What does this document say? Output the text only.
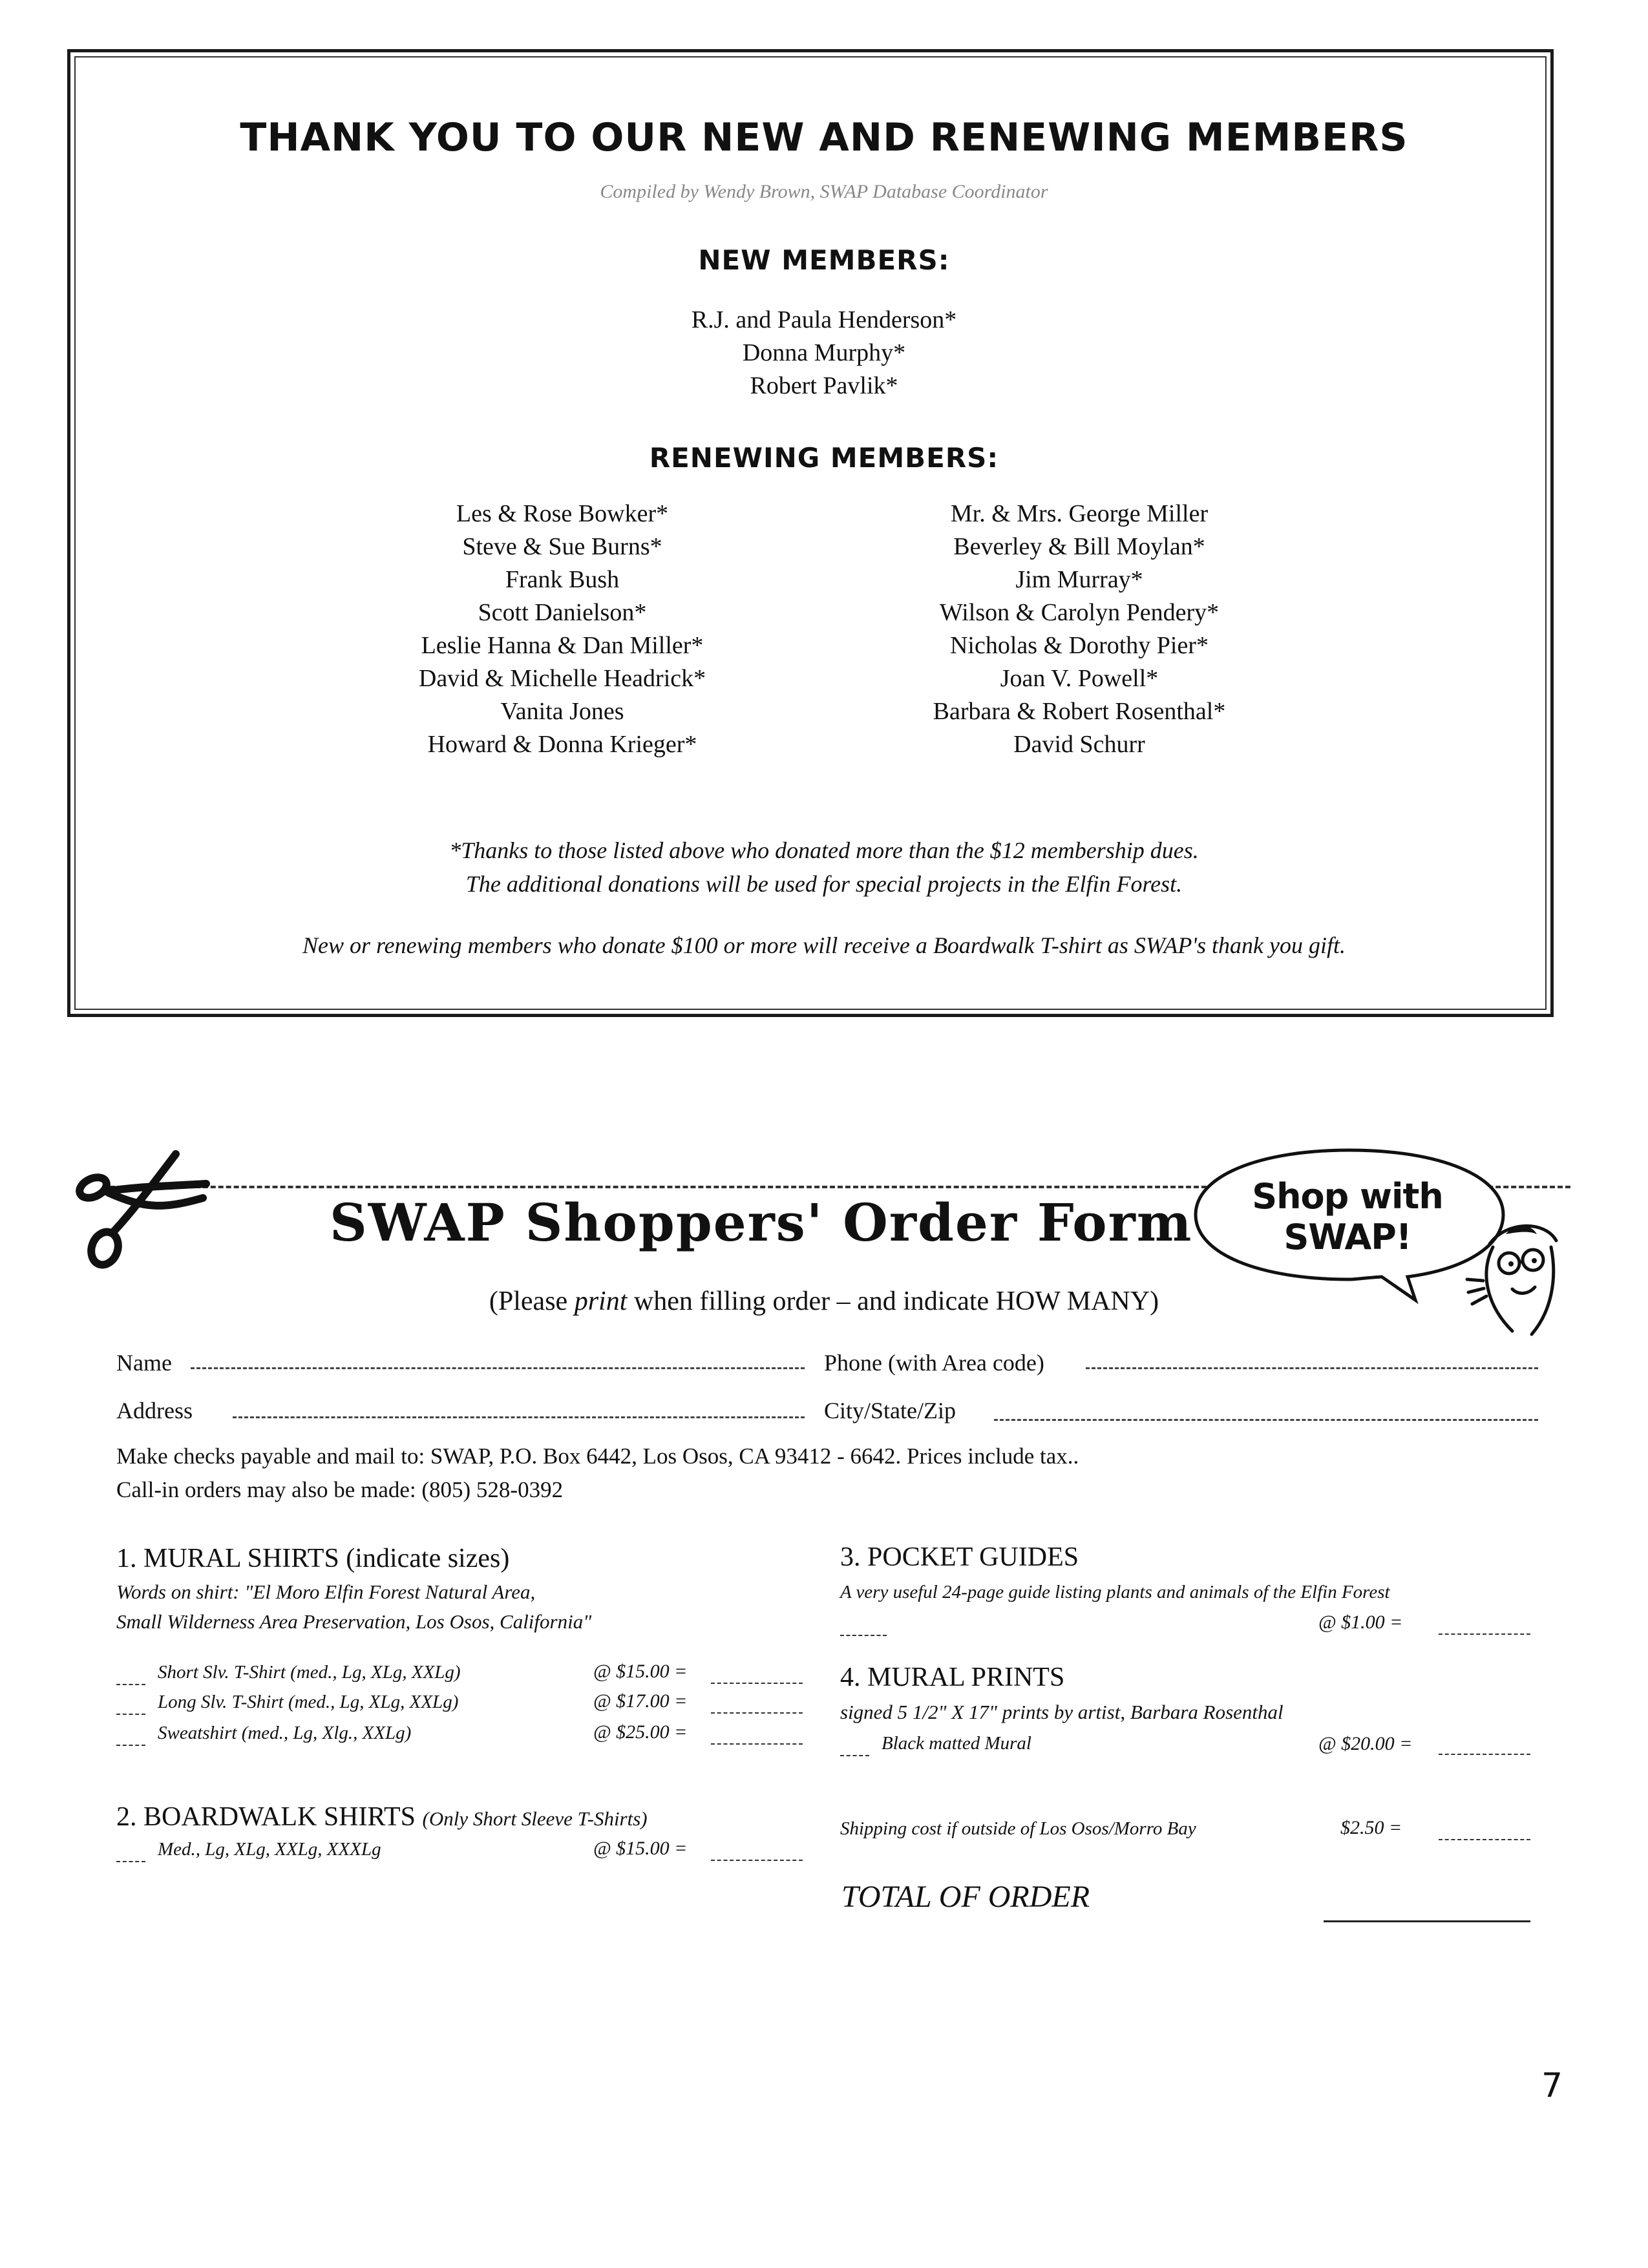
THANK YOU TO OUR NEW AND RENEWING MEMBERS
Compiled by Wendy Brown, SWAP Database Coordinator
NEW MEMBERS:
R.J. and Paula Henderson*
Donna Murphy*
Robert Pavlik*
RENEWING MEMBERS:
Les & Rose Bowker*
Steve & Sue Burns*
Frank Bush
Scott Danielson*
Leslie Hanna & Dan Miller*
David & Michelle Headrick*
Vanita Jones
Howard & Donna Krieger*
Mr. & Mrs. George Miller
Beverley & Bill Moylan*
Jim Murray*
Wilson & Carolyn Pendery*
Nicholas & Dorothy Pier*
Joan V. Powell*
Barbara & Robert Rosenthal*
David Schurr
*Thanks to those listed above who donated more than the $12 membership dues.
The additional donations will be used for special projects in the Elfin Forest.
New or renewing members who donate $100 or more will receive a Boardwalk T-shirt as SWAP's thank you gift.
SWAP Shoppers' Order Form	Shop with SWAP!
(Please print when filling order – and indicate HOW MANY)
Name	Phone (with Area code)
Address	City/State/Zip
Make checks payable and mail to: SWAP, P.O. Box 6442, Los Osos, CA 93412 - 6642. Prices include tax..
Call-in orders may also be made: (805) 528-0392
1. MURAL SHIRTS (indicate sizes)
Words on shirt: "El Moro Elfin Forest Natural Area,
Small Wilderness Area Preservation, Los Osos, California"
Short Slv. T-Shirt (med., Lg, XLg, XXLg)	@ $15.00 =
Long Slv. T-Shirt (med., Lg, XLg, XXLg)	@ $17.00 =
Sweatshirt (med., Lg, Xlg., XXLg)	@ $25.00 =
2. BOARDWALK SHIRTS (Only Short Sleeve T-Shirts)
Med., Lg, XLg, XXLg, XXXLg	@ $15.00 =
3. POCKET GUIDES
A very useful 24-page guide listing plants and animals of the Elfin Forest
@ $1.00 =
4. MURAL PRINTS
signed 5 1/2" X 17" prints by artist, Barbara Rosenthal
Black matted Mural	@ $20.00 =
Shipping cost if outside of Los Osos/Morro Bay	$2.50 =
TOTAL OF ORDER
7
